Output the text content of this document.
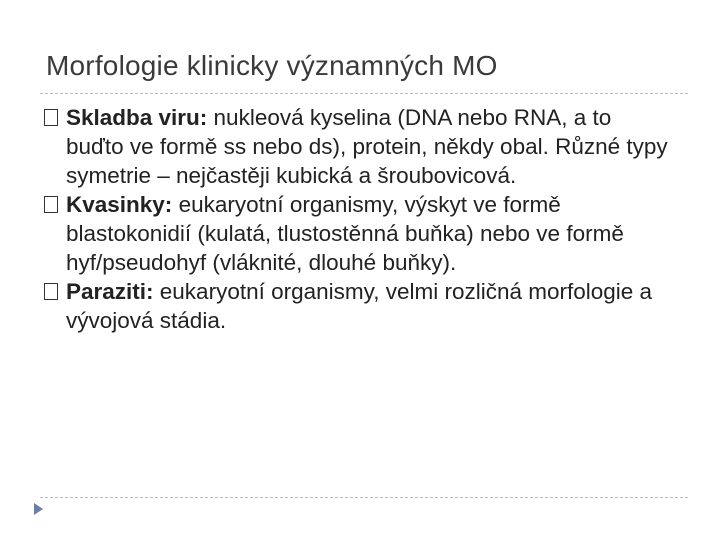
Morfologie klinicky významných MO

Skladba viru: nukleová kyselina (DNA nebo RNA, a to buďto ve formě ss nebo ds), protein, někdy obal. Různé typy symetrie – nejčastěji kubická a šroubovicová.

Kvasinky: eukaryotní organismy, výskyt ve formě blastokonidií (kulatá, tlustostěnná buňka) nebo ve formě hyf/pseudohyf (vláknité, dlouhé buňky).

Paraziti: eukaryotní organismy, velmi rozličná morfologie a vývojová stádia.
